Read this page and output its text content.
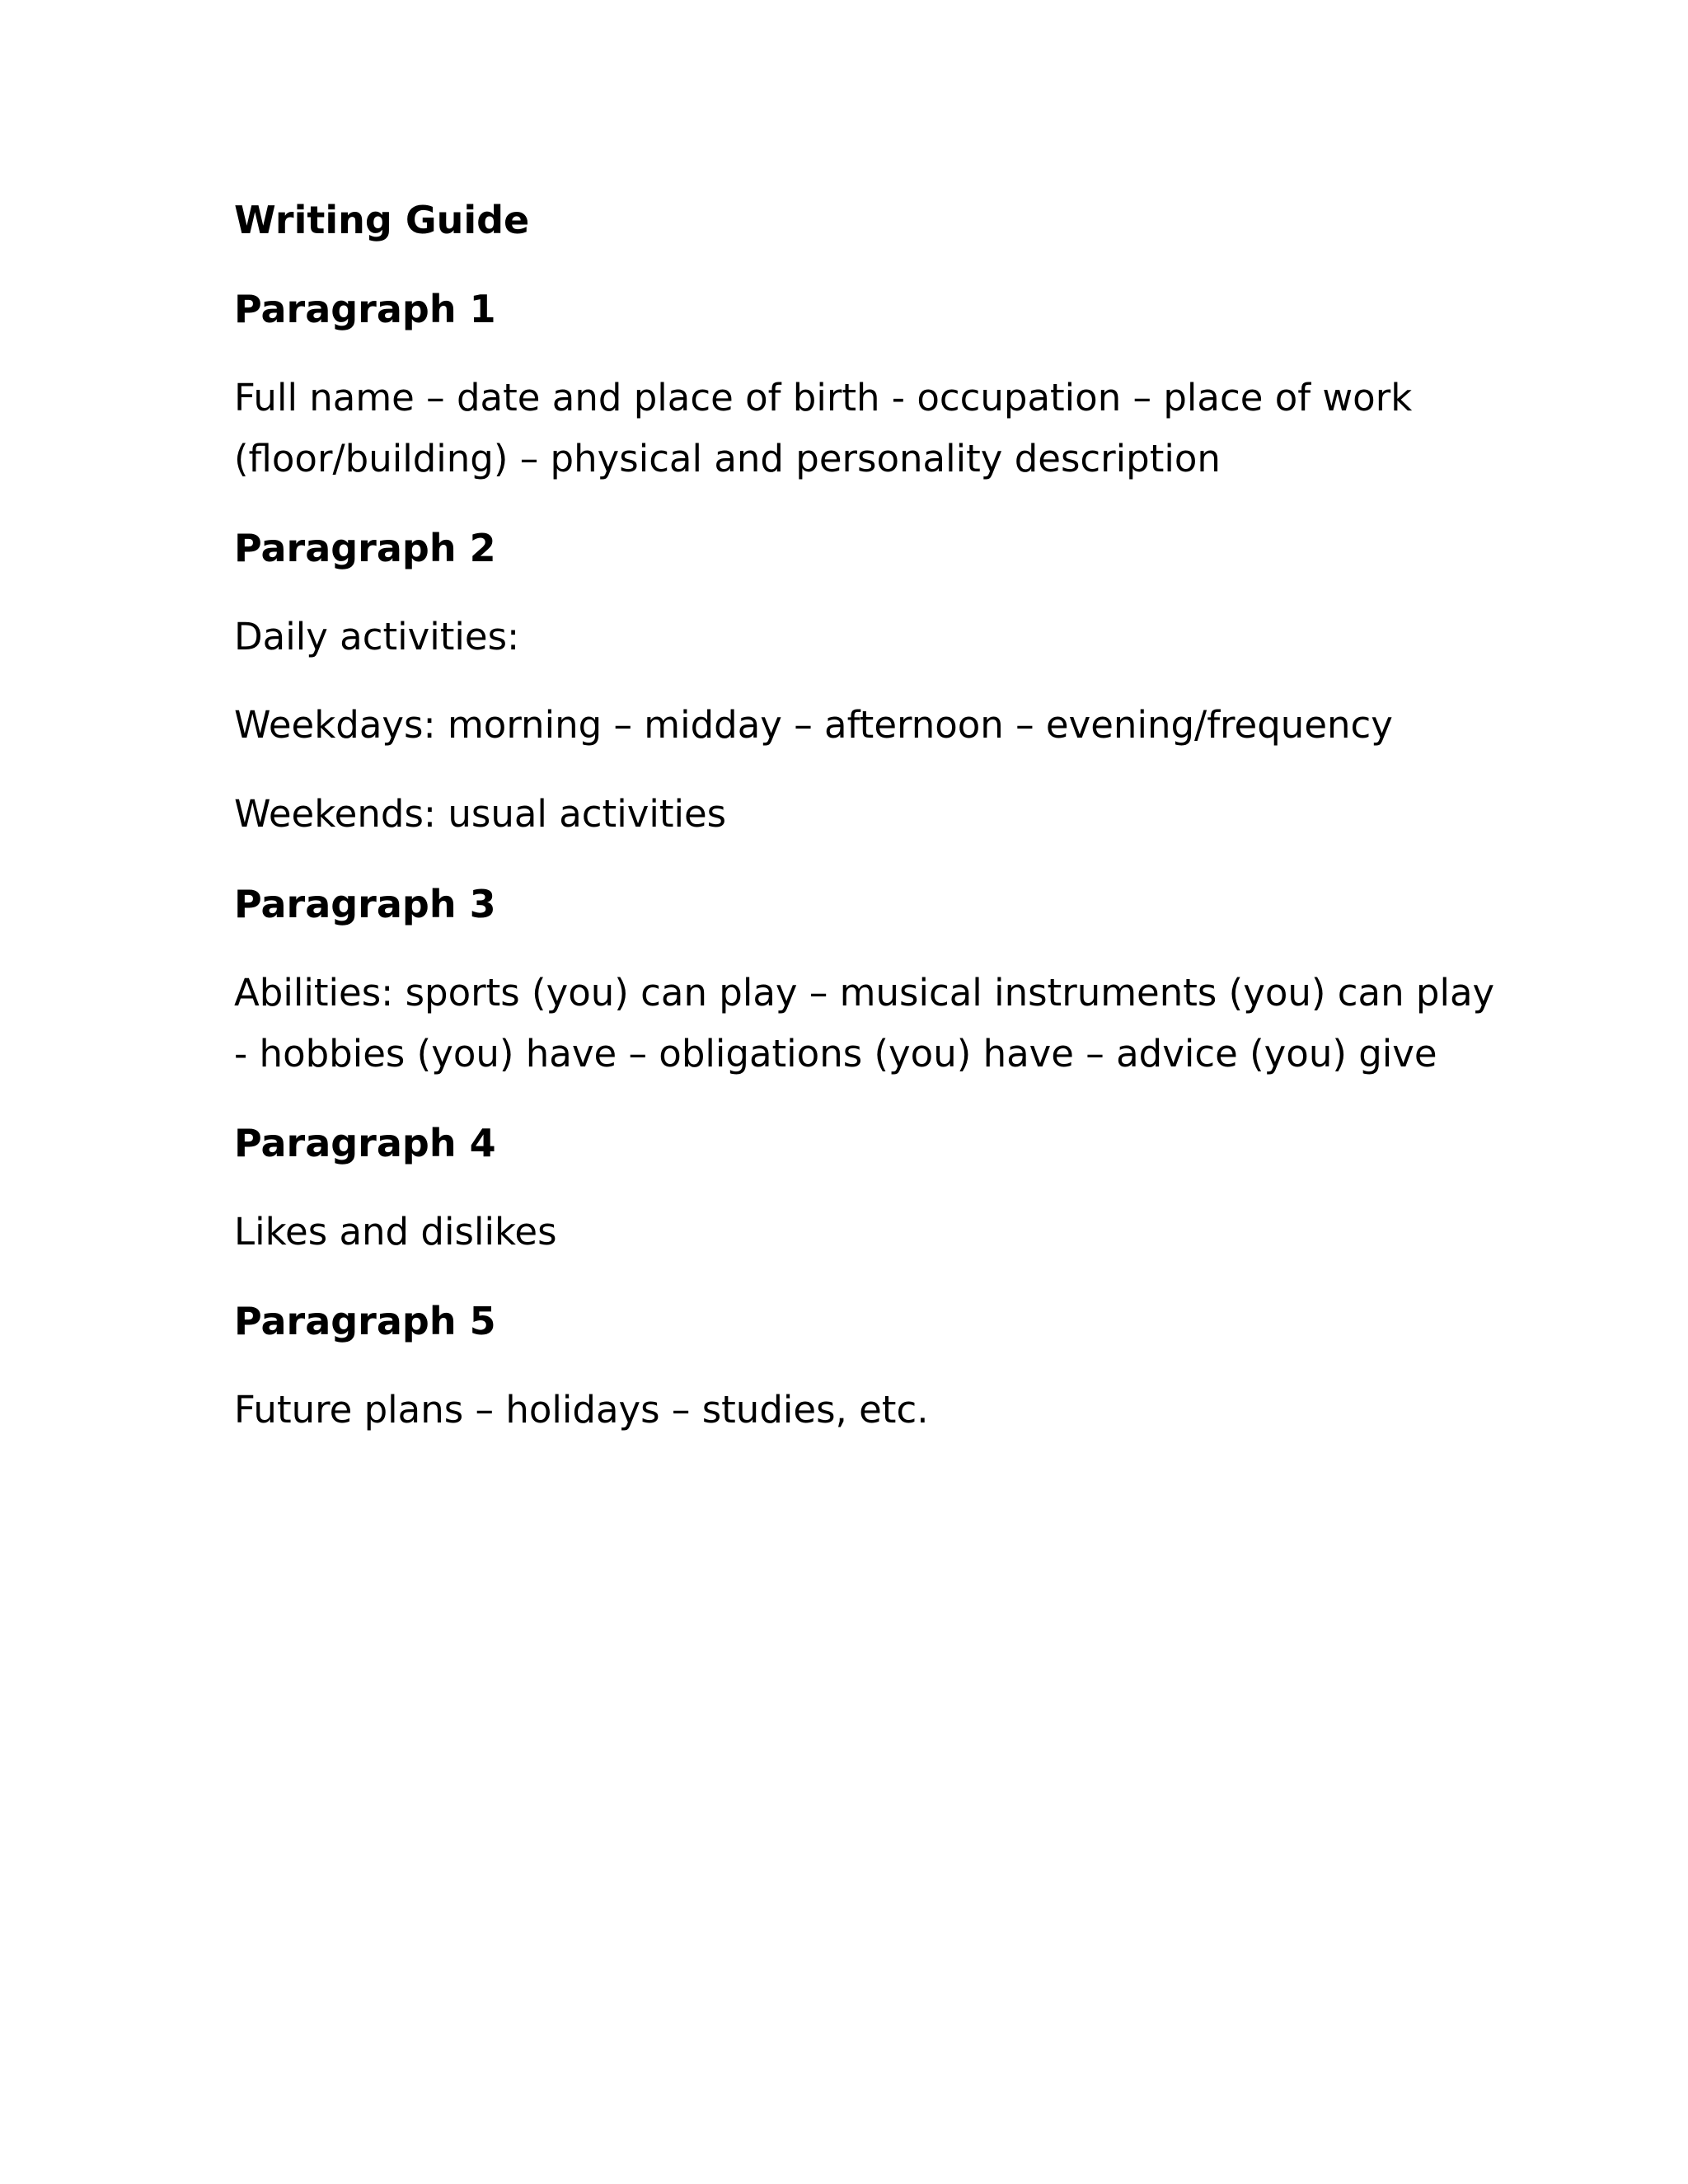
Writing Guide
Paragraph 1

Full name – date and place of birth - occupation – place of work

(floor/building) – physical and personality description

Paragraph 2

Daily activities:

Weekdays: morning – midday – afternoon – evening/frequency

Weekends: usual activities

Paragraph 3

Abilities: sports (you) can play – musical instruments (you) can play

- hobbies (you) have – obligations (you) have – advice (you) give

Paragraph 4

Likes and dislikes

Paragraph 5

Future plans – holidays – studies, etc.
